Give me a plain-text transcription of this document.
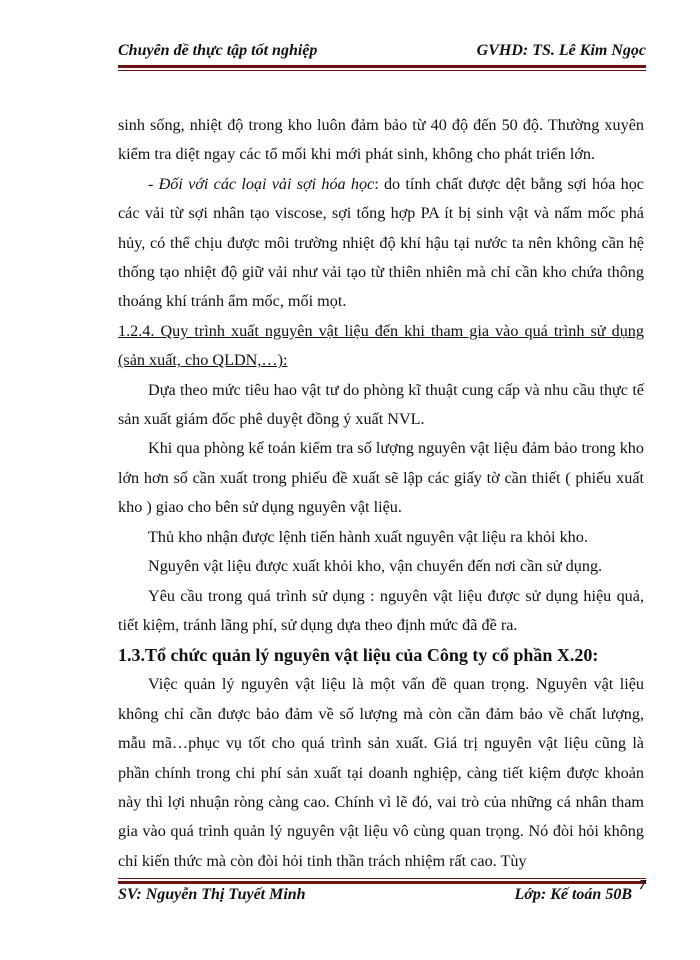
Chuyên đề thực tập tốt nghiệp	GVHD: TS. Lê Kim Ngọc

sinh sống, nhiệt độ trong kho luôn đảm bảo từ 40 độ đến 50 độ. Thường xuyên kiểm tra diệt ngay các tổ mối khi mới phát sinh, không cho phát triển lớn.

- Đối với các loại vải sợi hóa học: do tính chất được dệt bằng sợi hóa học các vải từ sợi nhân tạo viscose, sợi tổng hợp PA ít bị sinh vật và nấm mốc phá hủy, có thể chịu được môi trường nhiệt độ khí hậu tại nước ta nên không cần hệ thống tạo nhiệt độ giữ vải như vải tạo từ thiên nhiên mà chỉ cần kho chứa thông thoáng khí tránh ẩm mốc, mối mọt.

1.2.4. Quy trình xuất nguyên vật liệu đến khi tham gia vào quá trình sử dụng (sản xuất, cho QLDN,…):

Dựa theo mức tiêu hao vật tư do phòng kĩ thuật cung cấp và nhu cầu thực tế sản xuất giám đốc phê duyệt đồng ý xuất NVL.

Khi qua phòng kế toán kiểm tra số lượng nguyên vật liệu đảm bảo trong kho lớn hơn số cần xuất trong phiếu đề xuất sẽ lập các giấy tờ cần thiết ( phiếu xuất kho ) giao cho bên sử dụng nguyên vật liệu.

Thủ kho nhận được lệnh tiến hành xuất nguyên vật liệu ra khỏi kho.

Nguyên vật liệu được xuất khỏi kho, vận chuyển đến nơi cần sử dụng.

Yêu cầu trong quá trình sử dụng : nguyên vật liệu được sử dụng hiệu quả, tiết kiệm, tránh lãng phí, sử dụng dựa theo định mức đã đề ra.

1.3.Tổ chức quản lý nguyên vật liệu của Công ty cổ phần X.20:

Việc quản lý nguyên vật liệu là một vấn đề quan trọng. Nguyên vật liệu không chỉ cần được bảo đảm về số lượng mà còn cần đảm bảo về chất lượng, mẫu mã…phục vụ tốt cho quá trình sản xuất. Giá trị nguyên vật liệu cũng là phần chính trong chi phí sản xuất tại doanh nghiệp, càng tiết kiệm được khoản này thì lợi nhuận ròng càng cao. Chính vì lẽ đó, vai trò của những cá nhân tham gia vào quá trình quản lý nguyên vật liệu vô cùng quan trọng. Nó đòi hỏi không chỉ kiến thức mà còn đòi hỏi tinh thần trách nhiệm rất cao. Tùy

SV: Nguyễn Thị Tuyết Minh	Lớp: Kế toán 50B
7
